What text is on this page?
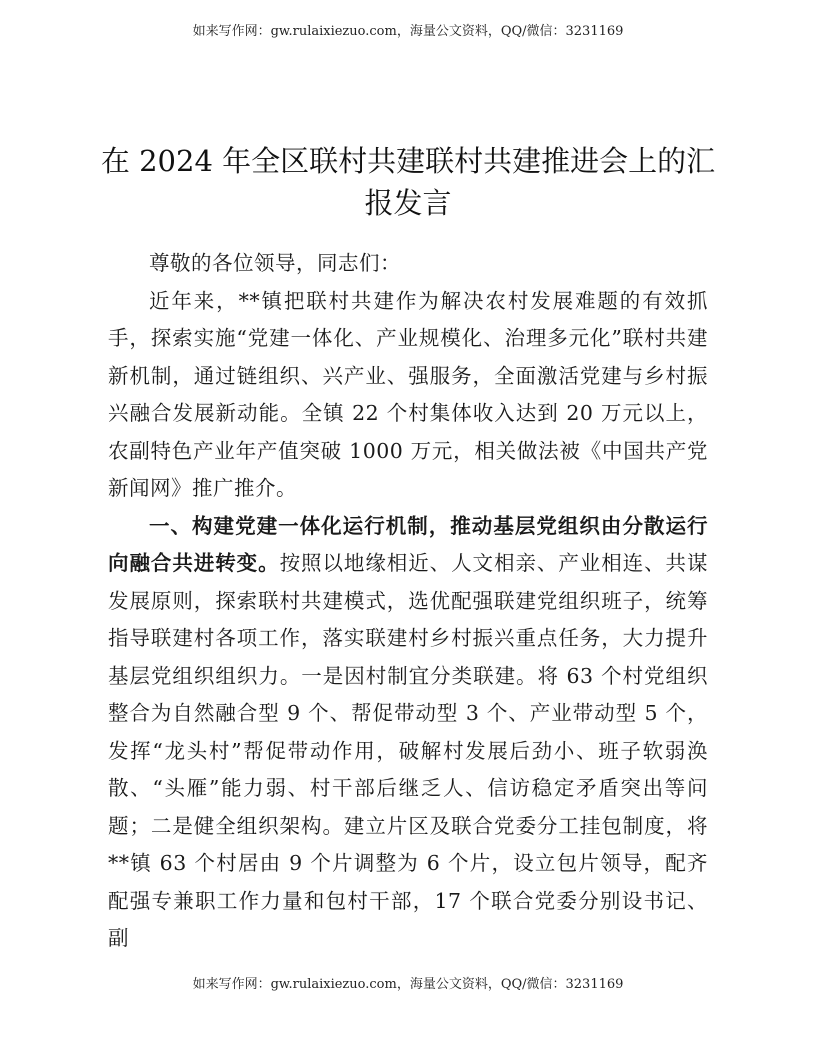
如来写作网：gw.rulaixiezuo.com，海量公文资料，QQ/微信：3231169
在 2024 年全区联村共建联村共建推进会上的汇报发言

尊敬的各位领导，同志们：

近年来，**镇把联村共建作为解决农村发展难题的有效抓手，探索实施“党建一体化、产业规模化、治理多元化”联村共建新机制，通过链组织、兴产业、强服务，全面激活党建与乡村振兴融合发展新动能。全镇 22 个村集体收入达到 20 万元以上，农副特色产业年产值突破 1000 万元，相关做法被《中国共产党新闻网》推广推介。

一、构建党建一体化运行机制，推动基层党组织由分散运行向融合共进转变。按照以地缘相近、人文相亲、产业相连、共谋发展原则，探索联村共建模式，选优配强联建党组织班子，统筹指导联建村各项工作，落实联建村乡村振兴重点任务，大力提升基层党组织组织力。一是因村制宜分类联建。将 63 个村党组织整合为自然融合型 9 个、帮促带动型 3 个、产业带动型 5 个，发挥“龙头村”帮促带动作用，破解村发展后劲小、班子软弱涣散、“头雁”能力弱、村干部后继乏人、信访稳定矛盾突出等问题；二是健全组织架构。建立片区及联合党委分工挂包制度，将**镇 63 个村居由 9 个片调整为 6 个片，设立包片领导，配齐配强专兼职工作力量和包村干部，17 个联合党委分别设书记、副

如来写作网：gw.rulaixiezuo.com，海量公文资料，QQ/微信：3231169
